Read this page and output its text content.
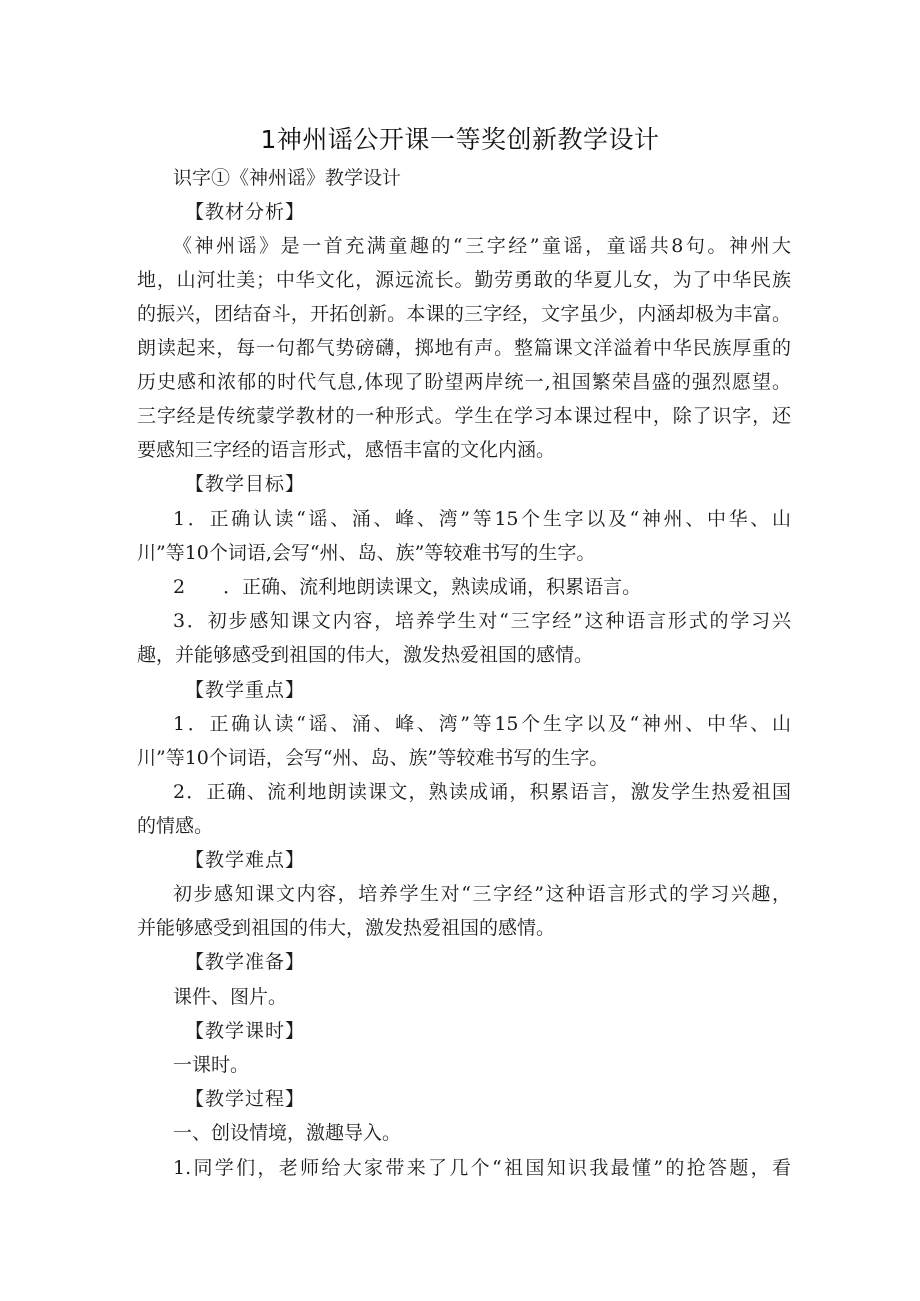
1神州谣公开课一等奖创新教学设计
识字①《神州谣》教学设计
【教材分析】
《神州谣》是一首充满童趣的“三字经”童谣，童谣共8句。神州大
地，山河壮美；中华文化，源远流长。勤劳勇敢的华夏儿女，为了中华民族
的振兴，团结奋斗，开拓创新。本课的三字经，文字虽少，内涵却极为丰富。
朗读起来，每一句都气势磅礴，掷地有声。整篇课文洋溢着中华民族厚重的
历史感和浓郁的时代气息,体现了盼望两岸统一,祖国繁荣昌盛的强烈愿望。
三字经是传统蒙学教材的一种形式。学生在学习本课过程中，除了识字，还
要感知三字经的语言形式，感悟丰富的文化内涵。
【教学目标】
1．正确认读“谣、涌、峰、湾”等15个生字以及“神州、中华、山
川”等10个词语,会写“州、岛、族”等较难书写的生字。
2　　．正确、流利地朗读课文，熟读成诵，积累语言。
3．初步感知课文内容，培养学生对“三字经”这种语言形式的学习兴
趣，并能够感受到祖国的伟大，激发热爱祖国的感情。
【教学重点】
1．正确认读“谣、涌、峰、湾”等15个生字以及“神州、中华、山
川”等10个词语，会写“州、岛、族”等较难书写的生字。
2．正确、流利地朗读课文，熟读成诵，积累语言，激发学生热爱祖国
的情感。
【教学难点】
初步感知课文内容，培养学生对“三字经”这种语言形式的学习兴趣，
并能够感受到祖国的伟大，激发热爱祖国的感情。
【教学准备】
课件、图片。
【教学课时】
一课时。
【教学过程】
一、创设情境，激趣导入。
1.同学们，老师给大家带来了几个“祖国知识我最懂”的抢答题，看
